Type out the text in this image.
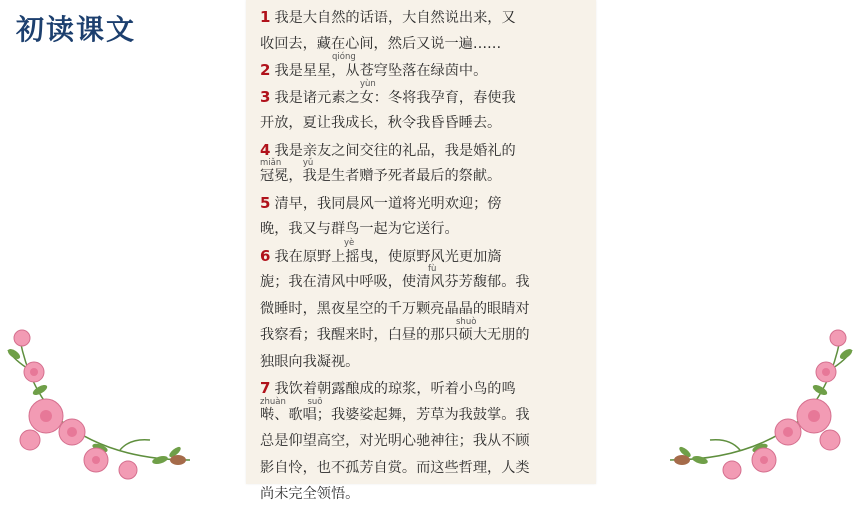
初读课文	1 我是大自然的话语，大自然说出来，又
收回去，藏在心间，然后又说一遍……
qióng
2 我是星星，从苍穹坠落在绿茵中。
yùn
3 我是诸元素之女：冬将我孕育，春使我
开放，夏让我成长，秋令我昏昏睡去。
4 我是亲友之间交往的礼品，我是婚礼的
miǎn        yǔ
冠冕，我是生者赠予死者最后的祭献。
5 清早，我同晨风一道将光明欢迎；傍
晚，我又与群鸟一起为它送行。
yè
6 我在原野上摇曳，使原野风光更加旖
fù
旎；我在清风中呼吸，使清风芬芳馥郁。我
微睡时，黑夜星空的千万颗亮晶晶的眼睛对
shuò
我察看；我醒来时，白昼的那只硕大无朋的
独眼向我凝视。
7 我饮着朝露酿成的琼浆，听着小鸟的鸣
zhuàn        suō
啭、歌唱；我婆娑起舞，芳草为我鼓掌。我
总是仰望高空，对光明心驰神往；我从不顾
影自怜，也不孤芳自赏。而这些哲理，人类
尚未完全领悟。
